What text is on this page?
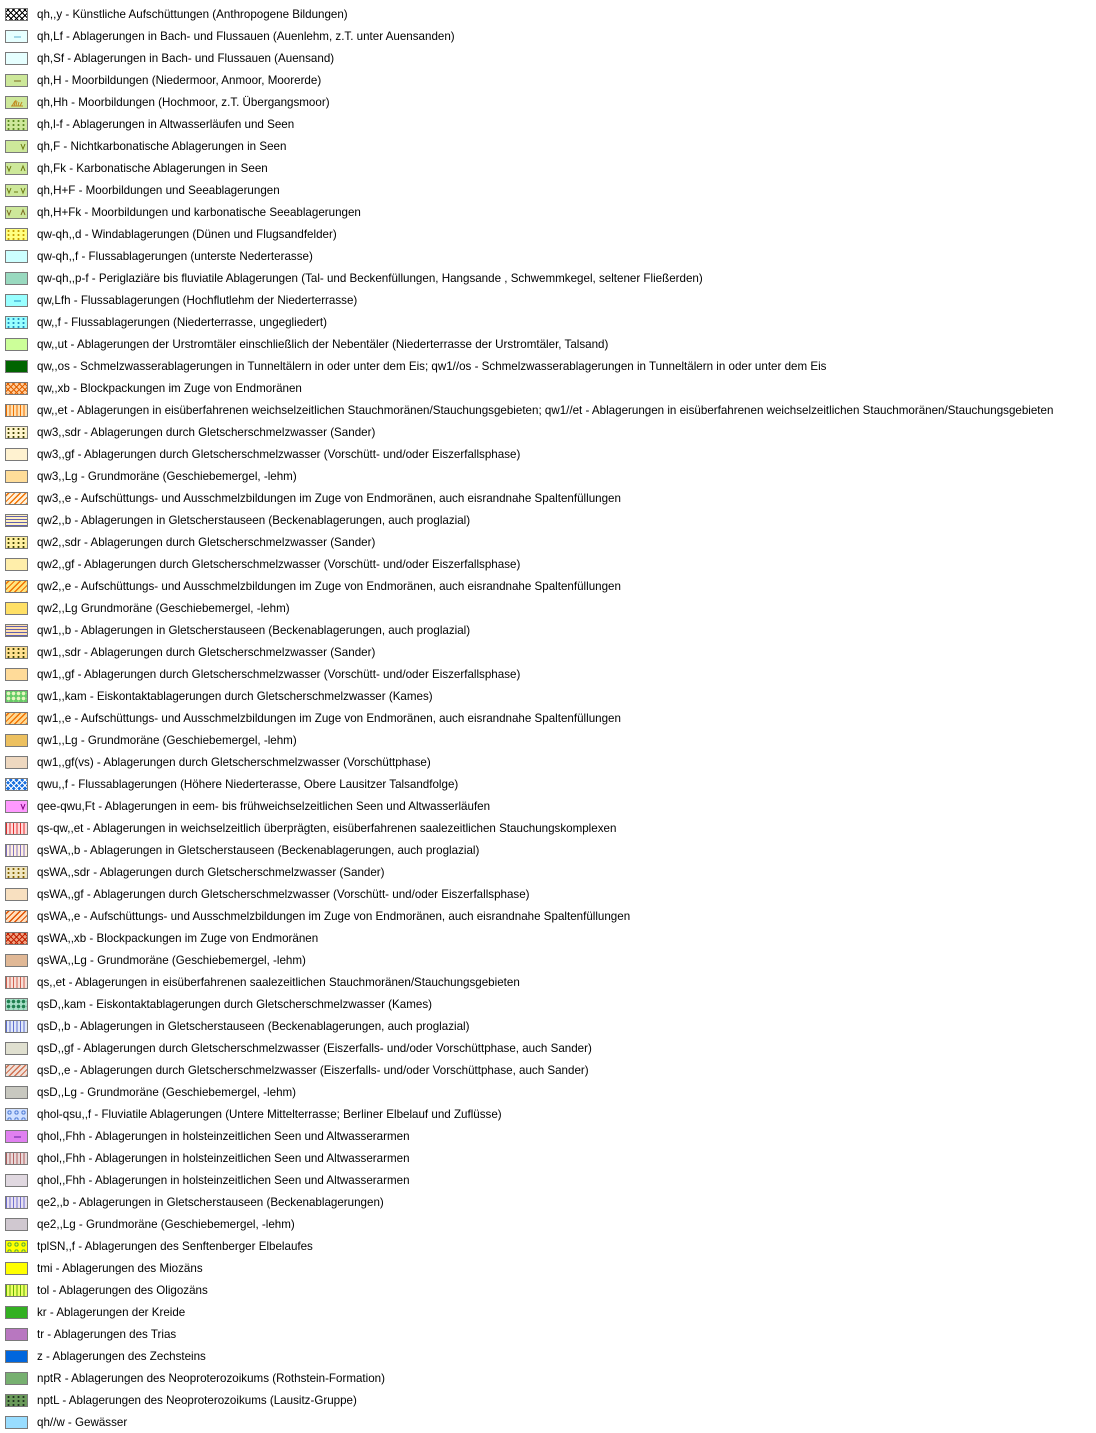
qh,,y - Künstliche Aufschüttungen (Anthropogene Bildungen)
qh,Lf - Ablagerungen in Bach- und Flussauen (Auenlehm, z.T. unter Auensanden)
qh,Sf - Ablagerungen in Bach- und Flussauen (Auensand)
qh,H - Moorbildungen (Niedermoor, Anmoor, Moorerde)
qh,Hh - Moorbildungen (Hochmoor, z.T. Übergangsmoor)
qh,l-f - Ablagerungen in Altwasserläufen und Seen
qh,F - Nichtkarbonatische Ablagerungen in Seen
qh,Fk - Karbonatische Ablagerungen in Seen
qh,H+F - Moorbildungen und Seeablagerungen
qh,H+Fk - Moorbildungen und karbonatische Seeablagerungen
qw-qh,,d - Windablagerungen (Dünen und Flugsandfelder)
qw-qh,,f - Flussablagerungen (unterste Nederterasse)
qw-qh,,p-f - Periglaziäre bis fluviatile Ablagerungen (Tal- und Beckenfüllungen, Hangsande , Schwemmkegel, seltener Fließerden)
qw,Lfh - Flussablagerungen (Hochflutlehm der Niederterrasse)
qw,,f - Flussablagerungen (Niederterrasse, ungegliedert)
qw,,ut - Ablagerungen der Urstromtäler einschließlich der Nebentäler (Niederterrasse der Urstromtäler, Talsand)
qw,,os - Schmelzwasserablagerungen in Tunneltälern in oder unter dem Eis; qw1//os - Schmelzwasserablagerungen in Tunneltälern in oder unter dem Eis
qw,,xb - Blockpackungen im Zuge von Endmoränen
qw,,et - Ablagerungen in eisüberfahrenen weichselzeitlichen Stauchmoränen/Stauchungsgebieten; qw1//et - Ablagerungen in eisüberfahrenen weichselzeitlichen Stauchmoränen/Stauchungsgebieten
qw3,,sdr - Ablagerungen durch Gletscherschmelzwasser (Sander)
qw3,,gf - Ablagerungen durch Gletscherschmelzwasser (Vorschütt- und/oder Eiszerfallsphase)
qw3,,Lg - Grundmoräne (Geschiebemergel, -lehm)
qw3,,e - Aufschüttungs- und Ausschmelzbildungen im Zuge von Endmoränen, auch eisrandnahe Spaltenfüllungen
qw2,,b - Ablagerungen in Gletscherstauseen (Beckenablagerungen, auch proglazial)
qw2,,sdr - Ablagerungen durch Gletscherschmelzwasser (Sander)
qw2,,gf - Ablagerungen durch Gletscherschmelzwasser (Vorschütt- und/oder Eiszerfallsphase)
qw2,,e - Aufschüttungs- und Ausschmelzbildungen im Zuge von Endmoränen, auch eisrandnahe Spaltenfüllungen
qw2,,Lg Grundmoräne (Geschiebemergel, -lehm)
qw1,,b - Ablagerungen in Gletscherstauseen (Beckenablagerungen, auch proglazial)
qw1,,sdr - Ablagerungen durch Gletscherschmelzwasser (Sander)
qw1,,gf - Ablagerungen durch Gletscherschmelzwasser (Vorschütt- und/oder Eiszerfallsphase)
qw1,,kam - Eiskontaktablagerungen durch Gletscherschmelzwasser (Kames)
qw1,,e - Aufschüttungs- und Ausschmelzbildungen im Zuge von Endmoränen, auch eisrandnahe Spaltenfüllungen
qw1,,Lg - Grundmoräne (Geschiebemergel, -lehm)
qw1,,gf(vs) - Ablagerungen durch Gletscherschmelzwasser (Vorschüttphase)
qwu,,f - Flussablagerungen (Höhere Niederterasse, Obere Lausitzer Talsandfolge)
qee-qwu,Ft - Ablagerungen in eem- bis frühweichselzeitlichen Seen und Altwasserläufen
qs-qw,,et - Ablagerungen in weichselzeitlich überprägten, eisüberfahrenen saalezeitlichen Stauchungskomplexen
qsWA,,b - Ablagerungen in Gletscherstauseen (Beckenablagerungen, auch proglazial)
qsWA,,sdr - Ablagerungen durch Gletscherschmelzwasser (Sander)
qsWA,,gf - Ablagerungen durch Gletscherschmelzwasser (Vorschütt- und/oder Eiszerfallsphase)
qsWA,,e - Aufschüttungs- und Ausschmelzbildungen im Zuge von Endmoränen, auch eisrandnahe Spaltenfüllungen
qsWA,,xb - Blockpackungen im Zuge von Endmoränen
qsWA,,Lg - Grundmoräne (Geschiebemergel, -lehm)
qs,,et - Ablagerungen in eisüberfahrenen saalezeitlichen Stauchmoränen/Stauchungsgebieten
qsD,,kam - Eiskontaktablagerungen durch Gletscherschmelzwasser (Kames)
qsD,,b - Ablagerungen in Gletscherstauseen (Beckenablagerungen, auch proglazial)
qsD,,gf - Ablagerungen durch Gletscherschmelzwasser (Eiszerfalls- und/oder Vorschüttphase, auch Sander)
qsD,,e - Ablagerungen durch Gletscherschmelzwasser (Eiszerfalls- und/oder Vorschüttphase, auch Sander)
qsD,,Lg - Grundmoräne (Geschiebemergel, -lehm)
qhol-qsu,,f - Fluviatile Ablagerungen (Untere Mittelterrasse; Berliner Elbelauf und Zuflüsse)
qhol,,Fhh - Ablagerungen in holsteinzeitlichen Seen und Altwasserarmen
qhol,,Fhh - Ablagerungen in holsteinzeitlichen Seen und Altwasserarmen
qhol,,Fhh - Ablagerungen in holsteinzeitlichen Seen und Altwasserarmen
qe2,,b - Ablagerungen in Gletscherstauseen (Beckenablagerungen)
qe2,,Lg - Grundmoräne (Geschiebemergel, -lehm)
tplSN,,f - Ablagerungen des Senftenberger Elbelaufes
tmi - Ablagerungen des Miozäns
tol - Ablagerungen des Oligozäns
kr - Ablagerungen der Kreide
tr - Ablagerungen des Trias
z - Ablagerungen des Zechsteins
nptR - Ablagerungen des Neoproterozoikums (Rothstein-Formation)
nptL - Ablagerungen des Neoproterozoikums (Lausitz-Gruppe)
qh//w - Gewässer
